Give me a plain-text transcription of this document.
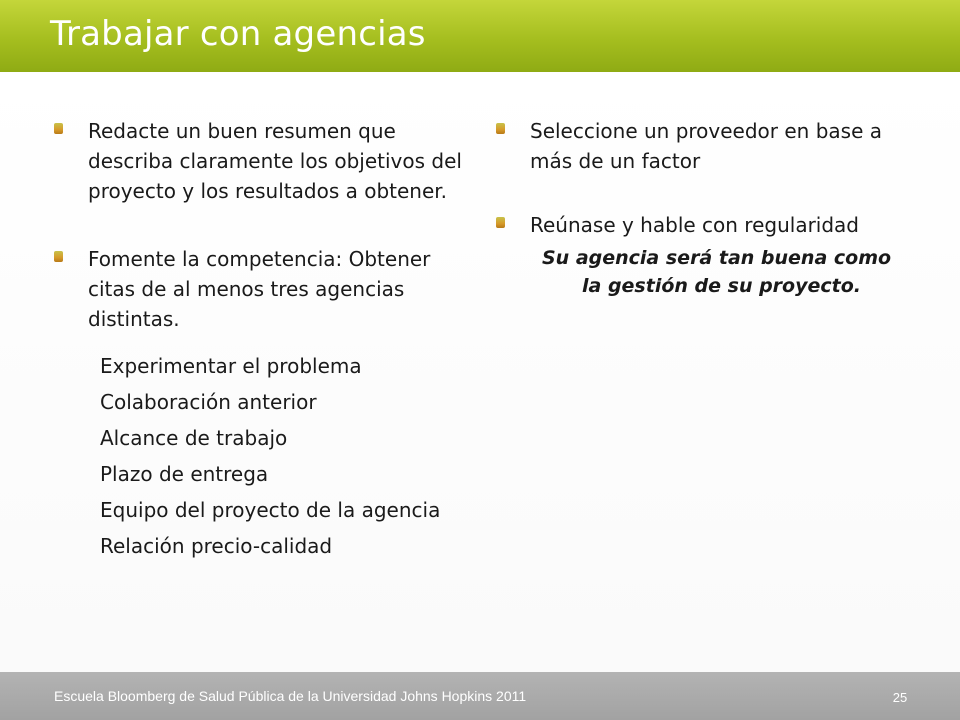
Trabajar con agencias
Redacte un buen resumen que describa claramente los objetivos del proyecto y los resultados a obtener.
Fomente la competencia: Obtener citas de al menos tres agencias distintas.
Experimentar el problema
Colaboración anterior
Alcance de trabajo
Plazo de entrega
Equipo del proyecto de la agencia
Relación precio-calidad
Seleccione un proveedor en base a más de un factor
Reúnase y hable con regularidad
Su agencia será tan buena como la gestión de su proyecto.
Escuela Bloomberg de Salud Pública de la Universidad Johns Hopkins 2011	25
